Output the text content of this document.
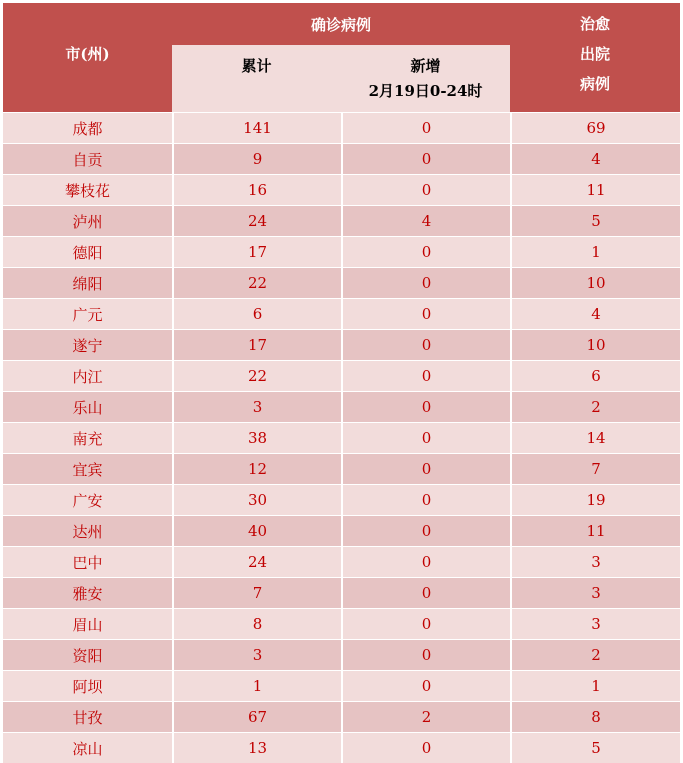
市(州)	确诊病例		治愈
出院
病例

	累计	新增
2月19日0-24时	

成都	141	0	69
自贡	9	0	4
攀枝花	16	0	11
泸州	24	4	5
德阳	17	0	1
绵阳	22	0	10
广元	6	0	4
遂宁	17	0	10
内江	22	0	6
乐山	3	0	2
南充	38	0	14
宜宾	12	0	7
广安	30	0	19
达州	40	0	11
巴中	24	0	3
雅安	7	0	3
眉山	8	0	3
资阳	3	0	2
阿坝	1	0	1
甘孜	67	2	8
凉山	13	0	5
